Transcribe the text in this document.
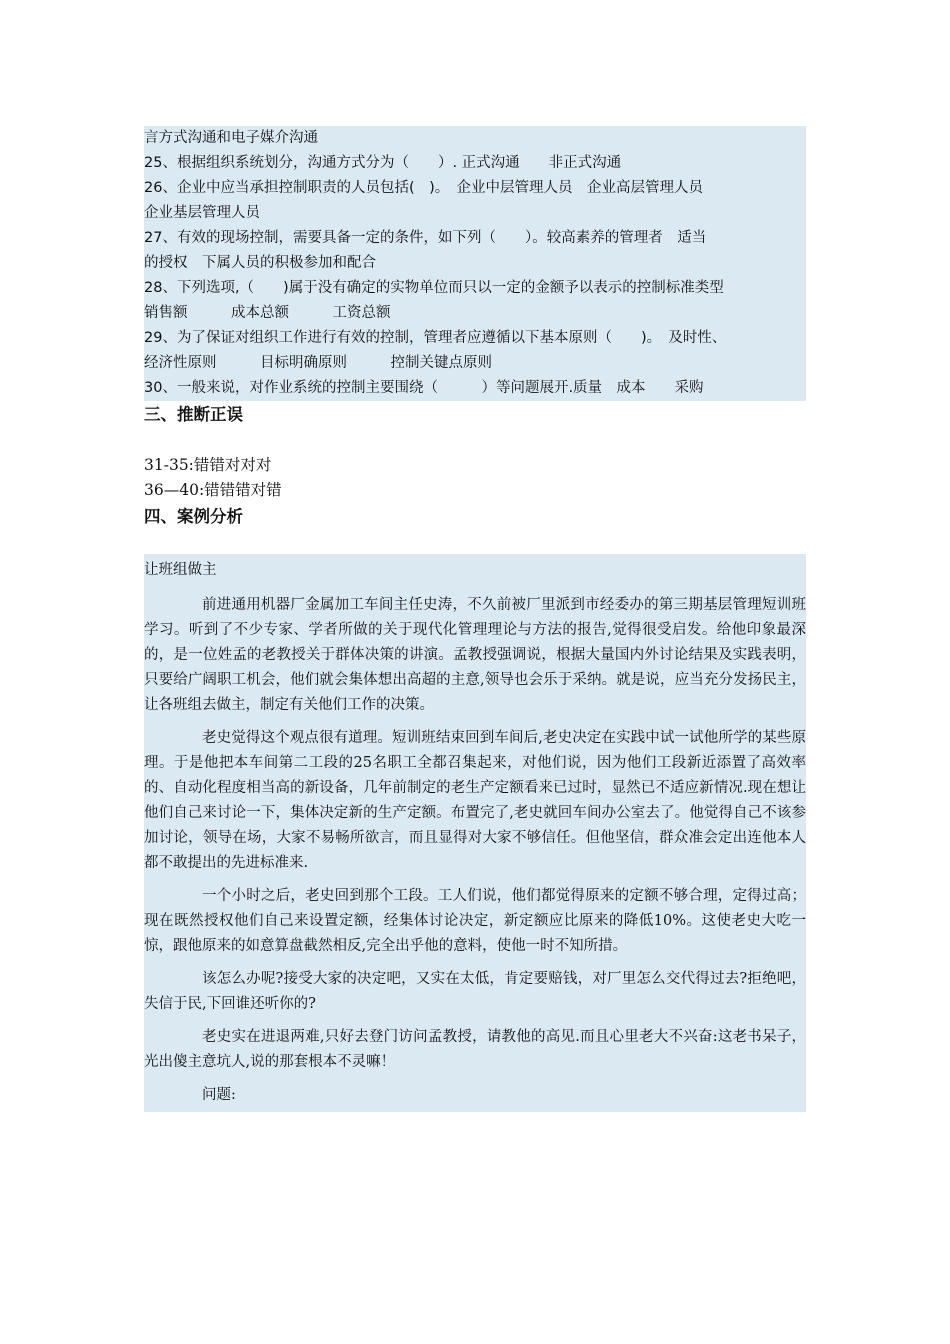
言方式沟通和电子媒介沟通
25、根据组织系统划分，沟通方式分为（　　）. 正式沟通　　非正式沟通
26、企业中应当承担控制职责的人员包括(　)。　企业中层管理人员　企业高层管理人员
企业基层管理人员
27、有效的现场控制，需要具备一定的条件，如下列（　　）。较高素养的管理者　适当
的授权　下属人员的积极参加和配合
28、下列选项,（　　)属于没有确定的实物单位而只以一定的金额予以表示的控制标准类型
销售额　　　成本总额　　　工资总额
29、为了保证对组织工作进行有效的控制，管理者应遵循以下基本原则（　　)。　及时性、
经济性原则　　　目标明确原则　　　控制关键点原则
30、一般来说，对作业系统的控制主要围绕（　　　）等问题展开.质量　成本　　采购
三、推断正误
31-35:错错对对对
36—40:错错错对错
四、案例分析
让班组做主

前进通用机器厂金属加工车间主任史涛，不久前被厂里派到市经委办的第三期基层管理短训班学习。听到了不少专家、学者所做的关于现代化管理理论与方法的报告,觉得很受启发。给他印象最深的，是一位姓孟的老教授关于群体决策的讲演。孟教授强调说，根据大量国内外讨论结果及实践表明，只要给广阔职工机会，他们就会集体想出高超的主意,领导也会乐于采纳。就是说，应当充分发扬民主，让各班组去做主，制定有关他们工作的决策。

老史觉得这个观点很有道理。短训班结束回到车间后,老史决定在实践中试一试他所学的某些原理。于是他把本车间第二工段的25名职工全都召集起来，对他们说，因为他们工段新近添置了高效率的、自动化程度相当高的新设备，几年前制定的老生产定额看来已过时，显然已不适应新情况.现在想让他们自己来讨论一下，集体决定新的生产定额。布置完了,老史就回车间办公室去了。他觉得自己不该参加讨论，领导在场，大家不易畅所欲言，而且显得对大家不够信任。但他坚信，群众准会定出连他本人都不敢提出的先进标准来.

一个小时之后，老史回到那个工段。工人们说，他们都觉得原来的定额不够合理，定得过高；现在既然授权他们自己来设置定额，经集体讨论决定，新定额应比原来的降低10%。这使老史大吃一惊，跟他原来的如意算盘截然相反,完全出乎他的意料，使他一时不知所措。

该怎么办呢?接受大家的决定吧，又实在太低，肯定要赔钱，对厂里怎么交代得过去?拒绝吧，失信于民,下回谁还听你的?

老史实在进退两难,只好去登门访问孟教授，请教他的高见.而且心里老大不兴奋:这老书呆子，光出傻主意坑人,说的那套根本不灵嘛！

问题:
